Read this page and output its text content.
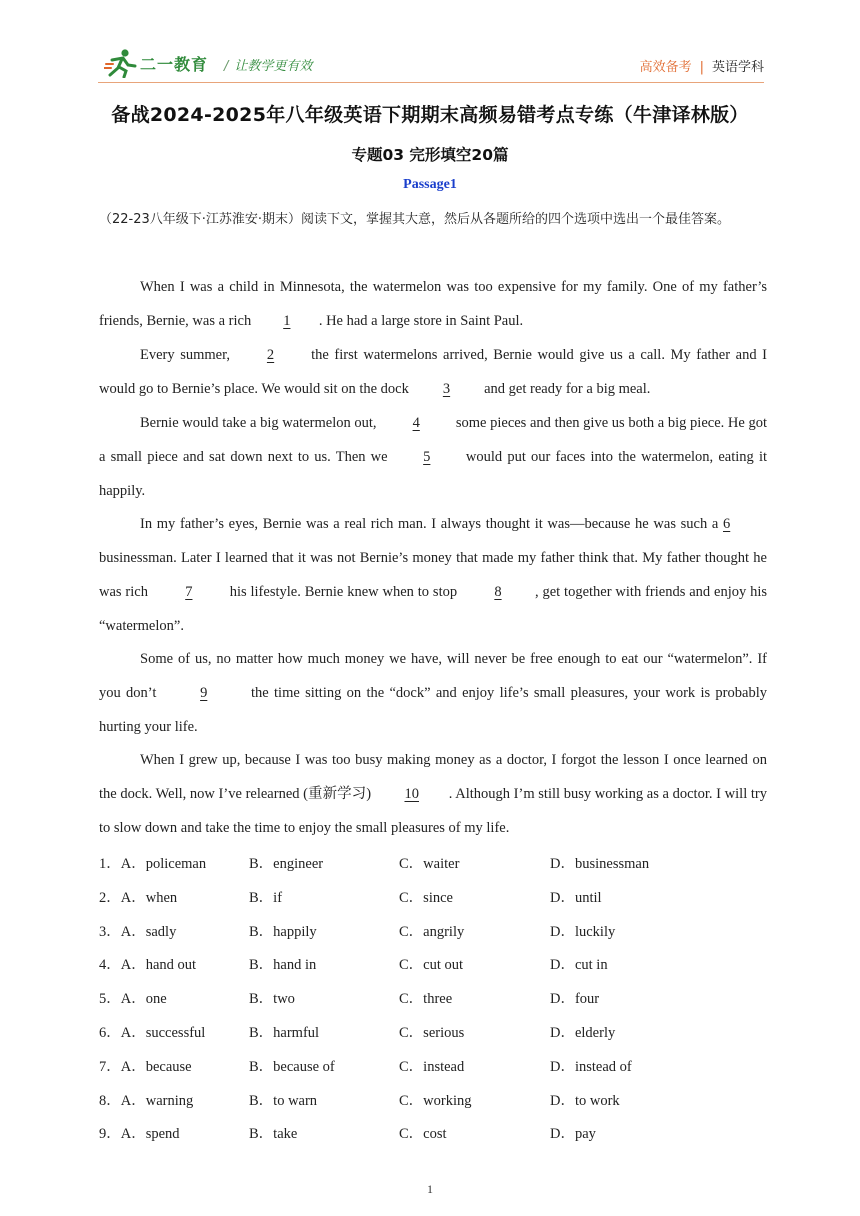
二一教育 / 让教学更有效	高效备考 | 英语学科
备战2024-2025年八年级英语下期期末高频易错考点专练（牛津译林版）
专题03 完形填空20篇
Passage1
（22-23八年级下·江苏淮安·期末）阅读下文，掌握其大意，然后从各题所给的四个选项中选出一个最佳答案。
When I was a child in Minnesota, the watermelon was too expensive for my family. One of my father’s friends, Bernie, was a rich 1 . He had a large store in Saint Paul.
Every summer, 2 the first watermelons arrived, Bernie would give us a call. My father and I would go to Bernie’s place. We would sit on the dock 3 and get ready for a big meal.
Bernie would take a big watermelon out, 4 some pieces and then give us both a big piece. He got a small piece and sat down next to us. Then we 5 would put our faces into the watermelon, eating it happily.
In my father’s eyes, Bernie was a real rich man. I always thought it was—because he was such a 6 businessman. Later I learned that it was not Bernie’s money that made my father think that. My father thought he was rich 7 his lifestyle. Bernie knew when to stop 8 , get together with friends and enjoy his “watermelon”.
Some of us, no matter how much money we have, will never be free enough to eat our “watermelon”. If you don’t	9	the time sitting on the “dock” and enjoy life’s small pleasures, your work is probably hurting your life.
When I grew up, because I was too busy making money as a doctor, I forgot the lesson I once learned on the dock. Well, now I’ve relearned (重新学习) 10 . Although I’m still busy working as a doctor. I will try to slow down and take the time to enjoy the small pleasures of my life.
1．A．policeman	B．engineer	C．waiter	D．businessman
2．A．when	B．if	C．since	D．until
3．A．sadly	B．happily	C．angrily	D．luckily
4．A．hand out	B．hand in	C．cut out	D．cut in
5．A．one	B．two	C．three	D．four
6．A．successful	B．harmful	C．serious	D．elderly
7．A．because	B．because of	C．instead	D．instead of
8．A．warning	B．to warn	C．working	D．to work
9．A．spend	B．take	C．cost	D．pay
1
